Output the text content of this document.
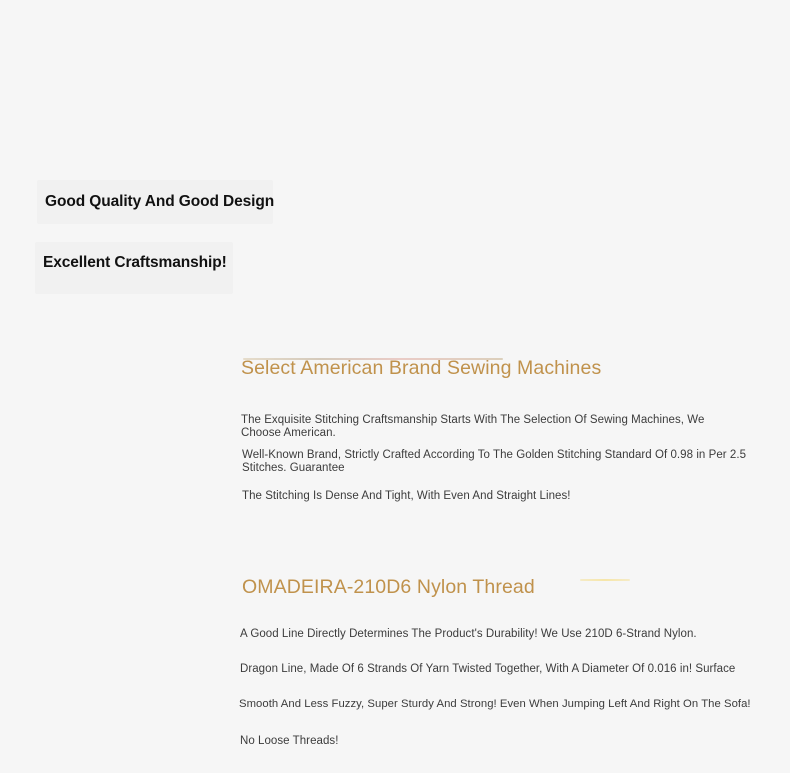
Good Quality And Good Design
Excellent Craftsmanship!
Select American Brand Sewing Machines

The Exquisite Stitching Craftsmanship Starts With The Selection Of Sewing Machines, We Choose American.

Well-Known Brand, Strictly Crafted According To The Golden Stitching Standard Of 0.98 in Per 2.5 Stitches. Guarantee

The Stitching Is Dense And Tight, With Even And Straight Lines!

OMADEIRA-210D6 Nylon Thread

A Good Line Directly Determines The Product's Durability! We Use 210D 6-Strand Nylon.

Dragon Line, Made Of 6 Strands Of Yarn Twisted Together, With A Diameter Of 0.016 in! Surface

Smooth And Less Fuzzy, Super Sturdy And Strong! Even When Jumping Left And Right On The Sofa!

No Loose Threads!
